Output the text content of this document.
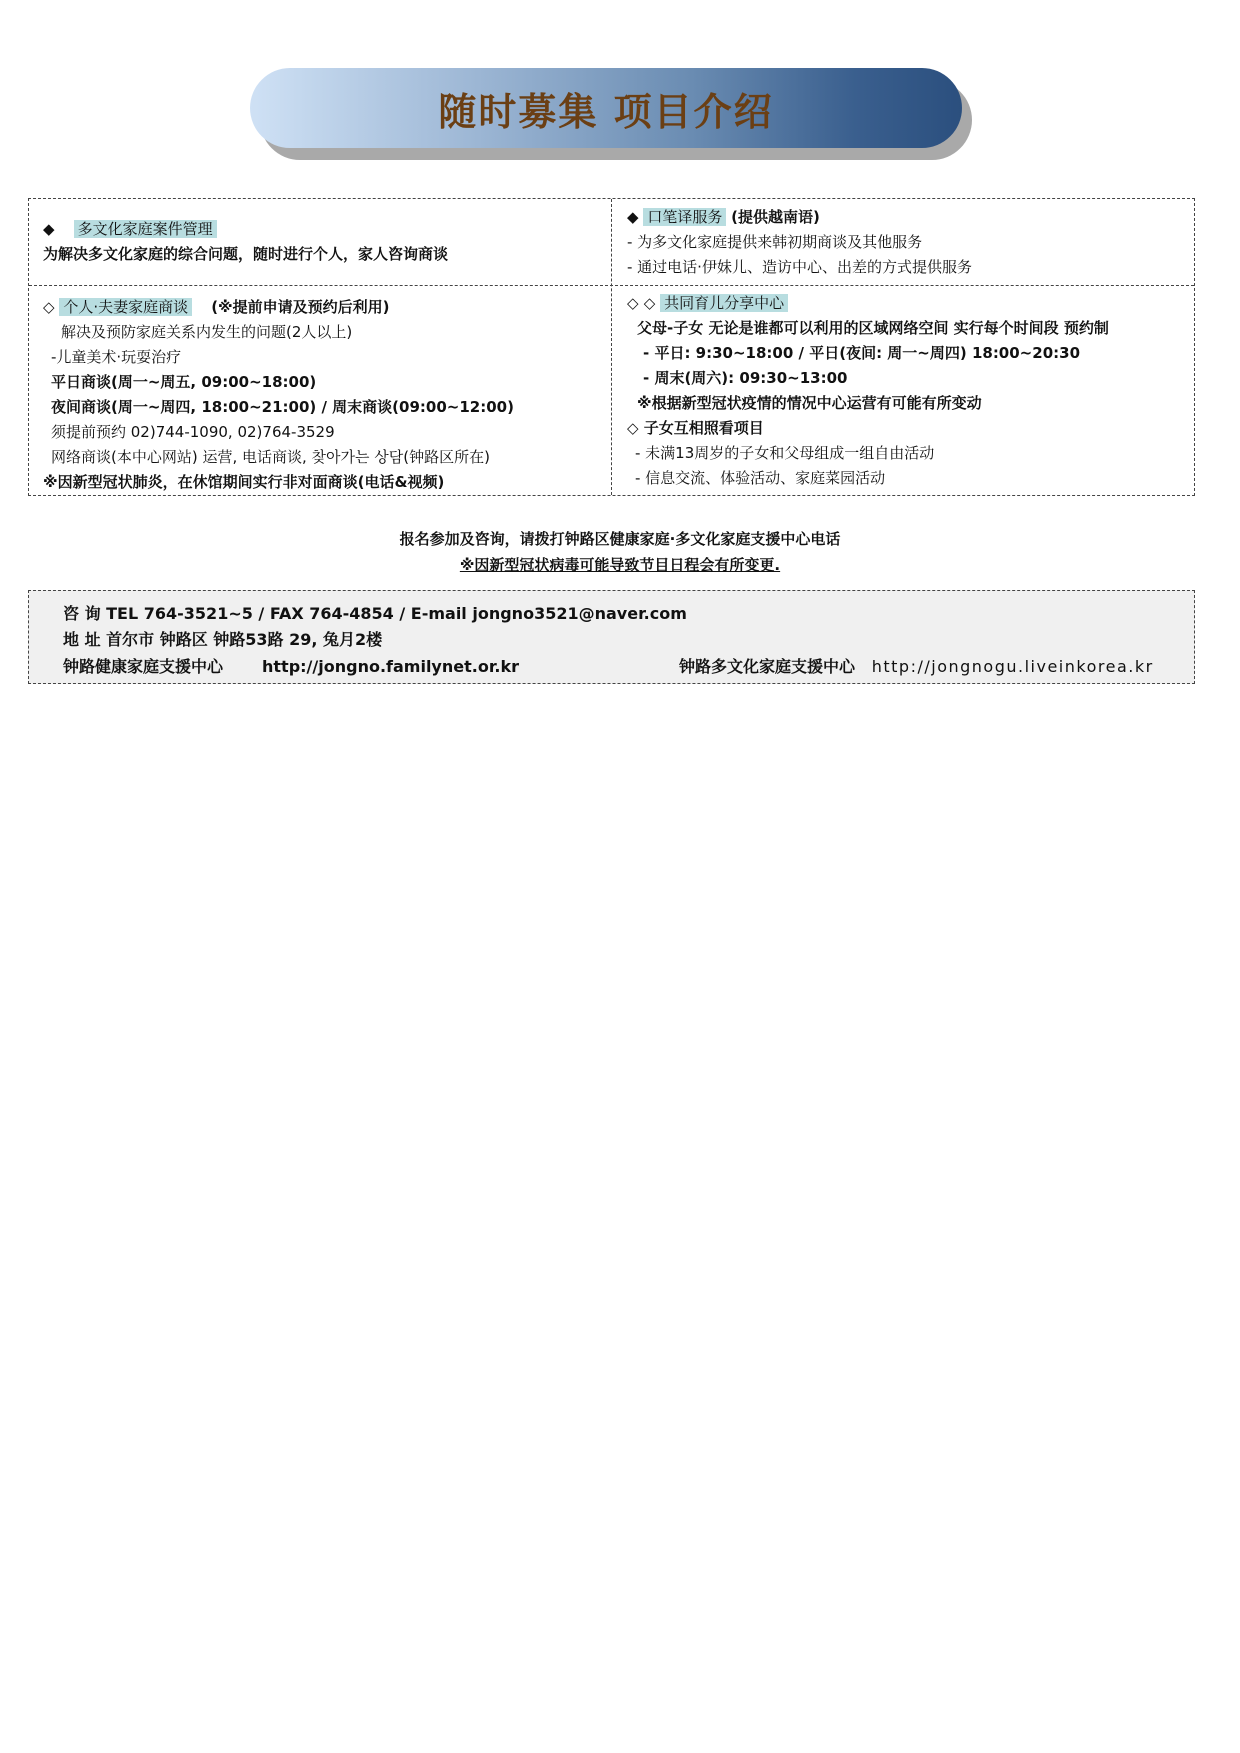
随时募集 项目介绍
◆ 多文化家庭案件管理
为解决多文化家庭的综合问题，随时进行个人，家人咨询商谈
◆ 口笔译服务 (提供越南语)
- 为多文化家庭提供来韩初期商谈及其他服务
- 通过电话·伊妹儿、造访中心、出差的方式提供服务
◇ 个人·夫妻家庭商谈 (※提前申请及预约后利用)
解决及预防家庭关系内发生的问题(2人以上)
-儿童美术·玩耍治疗
平日商谈(周一~周五, 09:00~18:00)
夜间商谈(周一~周四, 18:00~21:00) / 周末商谈(09:00~12:00)
须提前预约 02)744-1090, 02)764-3529
网络商谈(本中心网站) 运营, 电话商谈, 찾아가는 상담(钟路区所在)
※因新型冠状肺炎，在休馆期间实行非对面商谈(电话&视频)
◇ ◇ 共同育儿分享中心
父母-子女 无论是谁都可以利用的区域网络空间 实行每个时间段 预约制
- 平日: 9:30~18:00 / 平日(夜间: 周一~周四) 18:00~20:30
- 周末(周六): 09:30~13:00
※根据新型冠状疫情的情况中心运营有可能有所变动
◇ 子女互相照看项目
- 未满13周岁的子女和父母组成一组自由活动
- 信息交流、体验活动、家庭菜园活动
报名参加及咨询，请拨打钟路区健康家庭·多文化家庭支援中心电话
※因新型冠状病毒可能导致节目日程会有所变更.
咨 询 TEL 764-3521~5 / FAX 764-4854 / E-mail jongno3521@naver.com
地 址 首尔市 钟路区 钟路53路 29, 兔月2楼
钟路健康家庭支援中心 http://jongno.familynet.or.kr	钟路多文化家庭支援中心 http://jongnogu.liveinkorea.kr
